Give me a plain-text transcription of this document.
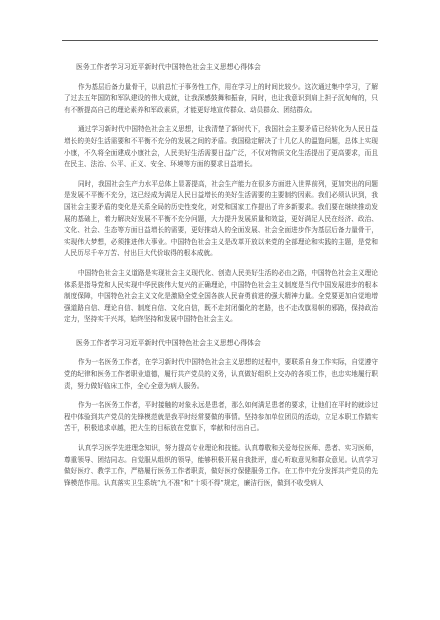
医务工作者学习习近平新时代中国特色社会主义思想心得体会

作为基层后备力量骨干，以前总忙于事务性工作，用在学习上的时间比较少。这次通过集中学习，了解了过去五年国防和军队建设的伟大成就，让我深感鼓舞和振奋，同时，也让我意识到肩上担子沉甸甸的，只有不断提高自己的理论素养和军政素质，才能更好地宣传群众、动员群众、团结群众。

通过学习新时代中国特色社会主义思想，让我清楚了新时代下，我国社会主要矛盾已经转化为人民日益增长的美好生活需要和不平衡不充分的发展之间的矛盾。我国稳定解决了十几亿人的温饱问题，总体上实现小康，不久将全面建成小康社会，人民美好生活需要日益广泛，不仅对物质文化生活提出了更高要求，而且在民主、法治、公平、正义、安全、环境等方面的要求日益增长。

同时，我国社会生产力水平总体上显著提高，社会生产能力在很多方面进入世界前列，更加突出的问题是发展不平衡不充分，这已经成为满足人民日益增长的美好生活需要的主要制约因素。我们必须认识到，我国社会主要矛盾的变化是关系全局的历史性变化，对党和国家工作提出了许多新要求。我们要在继续推动发展的基础上，着力解决好发展不平衡不充分问题，大力提升发展质量和效益，更好满足人民在经济、政治、文化、社会、生态等方面日益增长的需要，更好推动人的全面发展、社会全面进步作为基层后备力量骨干，实现伟大梦想，必须推进伟大事业。中国特色社会主义是改革开放以来党的全部理论和实践的主题，是党和人民历尽千辛万苦、付出巨大代价取得的根本成就。

中国特色社会主义道路是实现社会主义现代化、创造人民美好生活的必由之路，中国特色社会主义理论体系是指导党和人民实现中华民族伟大复兴的正确理论，中国特色社会主义制度是当代中国发展进步的根本制度保障，中国特色社会主义文化是激励全党全国各族人民奋勇前进的强大精神力量。全党要更加自觉地增强道路自信、理论自信、制度自信、文化自信，既不走封闭僵化的老路，也不走改旗易帜的邪路，保持政治定力，坚持实干兴邦，始终坚持和发展中国特色社会主义。

医务工作者学习习近平新时代中国特色社会主义思想心得体会

作为一名医务工作者，在学习新时代中国特色社会主义思想的过程中，要联系自身工作实际，自觉遵守党的纪律和医务工作者职业道德，履行共产党员的义务，认真做好组织上交办的各项工作，也忠实地履行职责，努力做好临床工作，全心全意为病人服务。

作为一名医务工作者，平时接触的对象永远是患者，那么如何满足患者的要求，让他们在平时的就诊过程中体验到共产党员的先锋模范就是我平时经常要做的事情。坚持参加单位团员的活动，立足本职工作踏实苦干，积极追求卓越，把大生的目标放在党旗下，奉献和付出自己。

认真学习医学先进理念知识，努力提高专业理论和技能。认真尊敬和关爱每位医师、患者、实习医师，尊重领导、团结同志。自觉服从组织的领导，能够积极开展自我批评，虚心听取意见和群众意见。认真学习做好医疗、教学工作，严格履行医务工作者职责，做好医疗保健服务工作。在工作中充分发挥共产党员的先锋模范作用。认真落实卫生系统“九不准”和“十项不得”规定，廉洁行医，做到不收受病人
